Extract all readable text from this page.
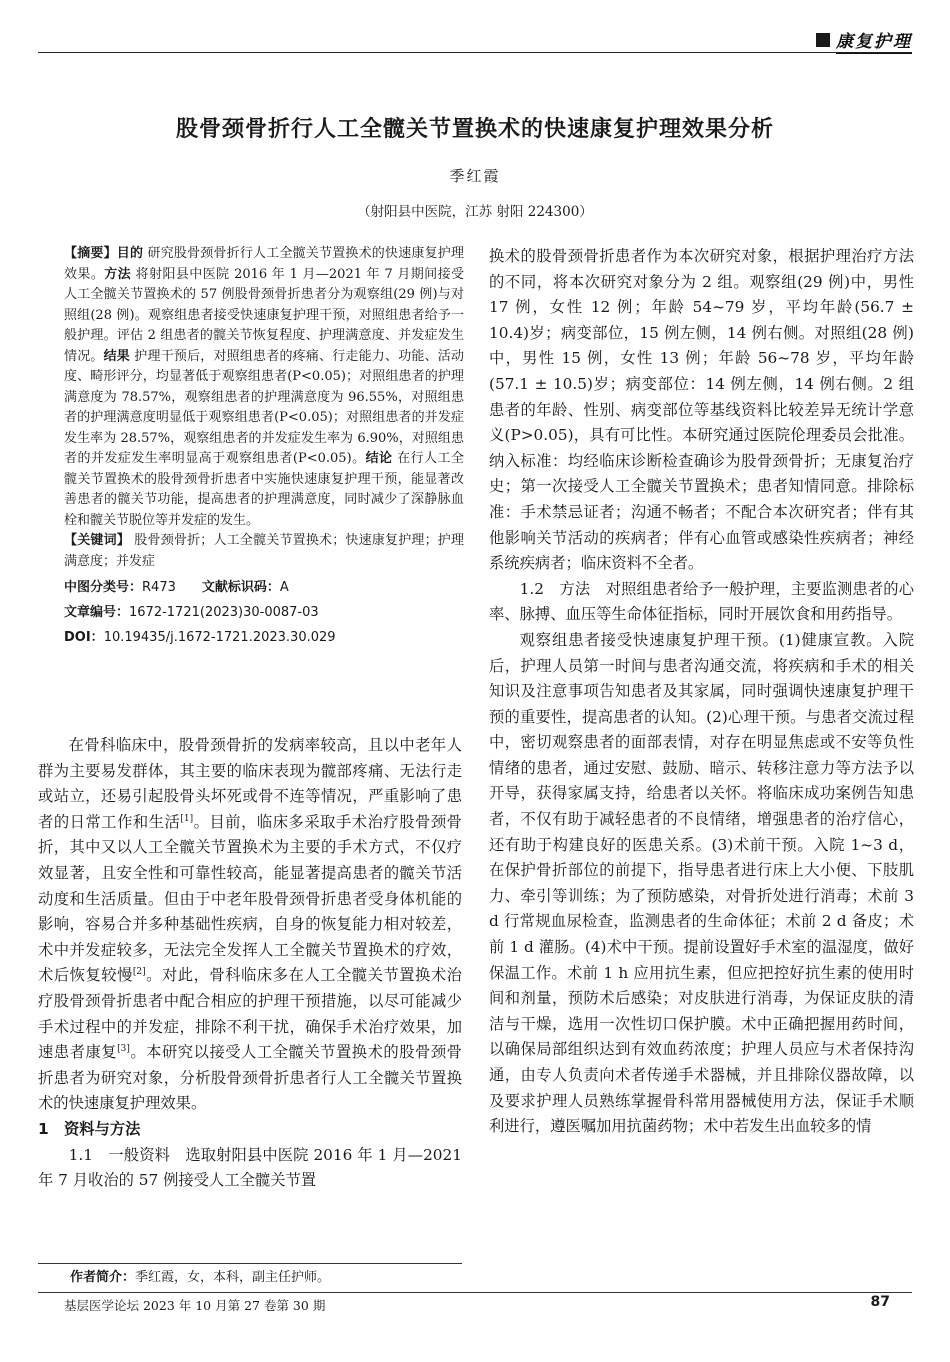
康复护理
股骨颈骨折行人工全髋关节置换术的快速康复护理效果分析
季红霞
（射阳县中医院，江苏 射阳 224300）

【摘要】目的 研究股骨颈骨折行人工全髋关节置换术的快速康复护理效果。方法 将射阳县中医院 2016 年 1 月—2021 年 7 月期间接受人工全髋关节置换术的 57 例股骨颈骨折患者分为观察组(29 例)与对照组(28 例)。观察组患者接受快速康复护理干预，对照组患者给予一般护理。评估 2 组患者的髋关节恢复程度、护理满意度、并发症发生情况。结果 护理干预后，对照组患者的疼痛、行走能力、功能、活动度、畸形评分，均显著低于观察组患者(P<0.05)；对照组患者的护理满意度为 78.57%，观察组患者的护理满意度为 96.55%，对照组患者的护理满意度明显低于观察组患者(P<0.05)；对照组患者的并发症发生率为 28.57%，观察组患者的并发症发生率为 6.90%，对照组患者的并发症发生率明显高于观察组患者(P<0.05)。结论 在行人工全髋关节置换术的股骨颈骨折患者中实施快速康复护理干预，能显著改善患者的髋关节功能，提高患者的护理满意度，同时减少了深静脉血栓和髋关节脱位等并发症的发生。

【关键词】 股骨颈骨折；人工全髋关节置换术；快速康复护理；护理满意度；并发症

中图分类号：R473   文献标识码：A
文章编号：1672-1721(2023)30-0087-03
DOI：10.19435/j.1672-1721.2023.30.029

在骨科临床中，股骨颈骨折的发病率较高，且以中老年人群为主要易发群体，其主要的临床表现为髋部疼痛、无法行走或站立，还易引起股骨头坏死或骨不连等情况，严重影响了患者的日常工作和生活[1]。目前，临床多采取手术治疗股骨颈骨折，其中又以人工全髋关节置换术为主要的手术方式，不仅疗效显著，且安全性和可靠性较高，能显著提高患者的髋关节活动度和生活质量。但由于中老年股骨颈骨折患者受身体机能的影响，容易合并多种基础性疾病，自身的恢复能力相对较差，术中并发症较多，无法完全发挥人工全髋关节置换术的疗效，术后恢复较慢[2]。对此，骨科临床多在人工全髋关节置换术治疗股骨颈骨折患者中配合相应的护理干预措施，以尽可能减少手术过程中的并发症，排除不利干扰，确保手术治疗效果，加速患者康复[3]。本研究以接受人工全髋关节置换术的股骨颈骨折患者为研究对象，分析股骨颈骨折患者行人工全髋关节置换术的快速康复护理效果。

1　资料与方法

1.1　一般资料　选取射阳县中医院 2016 年 1 月—2021 年 7 月收治的 57 例接受人工全髋关节置

换术的股骨颈骨折患者作为本次研究对象，根据护理治疗方法的不同，将本次研究对象分为 2 组。观察组(29 例)中，男性 17 例，女性 12 例；年龄 54~79 岁，平均年龄(56.7 ± 10.4)岁；病变部位，15 例左侧，14 例右侧。对照组(28 例)中，男性 15 例，女性 13 例；年龄 56~78 岁，平均年龄(57.1 ± 10.5)岁；病变部位：14 例左侧，14 例右侧。2 组患者的年龄、性别、病变部位等基线资料比较差异无统计学意义(P>0.05)，具有可比性。本研究通过医院伦理委员会批准。纳入标准：均经临床诊断检查确诊为股骨颈骨折；无康复治疗史；第一次接受人工全髋关节置换术；患者知情同意。排除标准：手术禁忌证者；沟通不畅者；不配合本次研究者；伴有其他影响关节活动的疾病者；伴有心血管或感染性疾病者；神经系统疾病者；临床资料不全者。

1.2　方法　对照组患者给予一般护理，主要监测患者的心率、脉搏、血压等生命体征指标，同时开展饮食和用药指导。

观察组患者接受快速康复护理干预。(1)健康宣教。入院后，护理人员第一时间与患者沟通交流，将疾病和手术的相关知识及注意事项告知患者及其家属，同时强调快速康复护理干预的重要性，提高患者的认知。(2)心理干预。与患者交流过程中，密切观察患者的面部表情，对存在明显焦虑或不安等负性情绪的患者，通过安慰、鼓励、暗示、转移注意力等方法予以开导，获得家属支持，给患者以关怀。将临床成功案例告知患者，不仅有助于减轻患者的不良情绪，增强患者的治疗信心，还有助于构建良好的医患关系。(3)术前干预。入院 1~3 d，在保护骨折部位的前提下，指导患者进行床上大小便、下肢肌力、牵引等训练；为了预防感染，对骨折处进行消毒；术前 3 d 行常规血尿检查，监测患者的生命体征；术前 2 d 备皮；术前 1 d 灌肠。(4)术中干预。提前设置好手术室的温湿度，做好保温工作。术前 1 h 应用抗生素，但应把控好抗生素的使用时间和剂量，预防术后感染；对皮肤进行消毒，为保证皮肤的清洁与干燥，选用一次性切口保护膜。术中正确把握用药时间，以确保局部组织达到有效血药浓度；护理人员应与术者保持沟通，由专人负责向术者传递手术器械，并且排除仪器故障，以及要求护理人员熟练掌握骨科常用器械使用方法，保证手术顺利进行，遵医嘱加用抗菌药物；术中若发生出血较多的情

作者简介：季红霞，女，本科，副主任护师。
基层医学论坛 2023 年 10 月第 27 卷第 30 期	87
